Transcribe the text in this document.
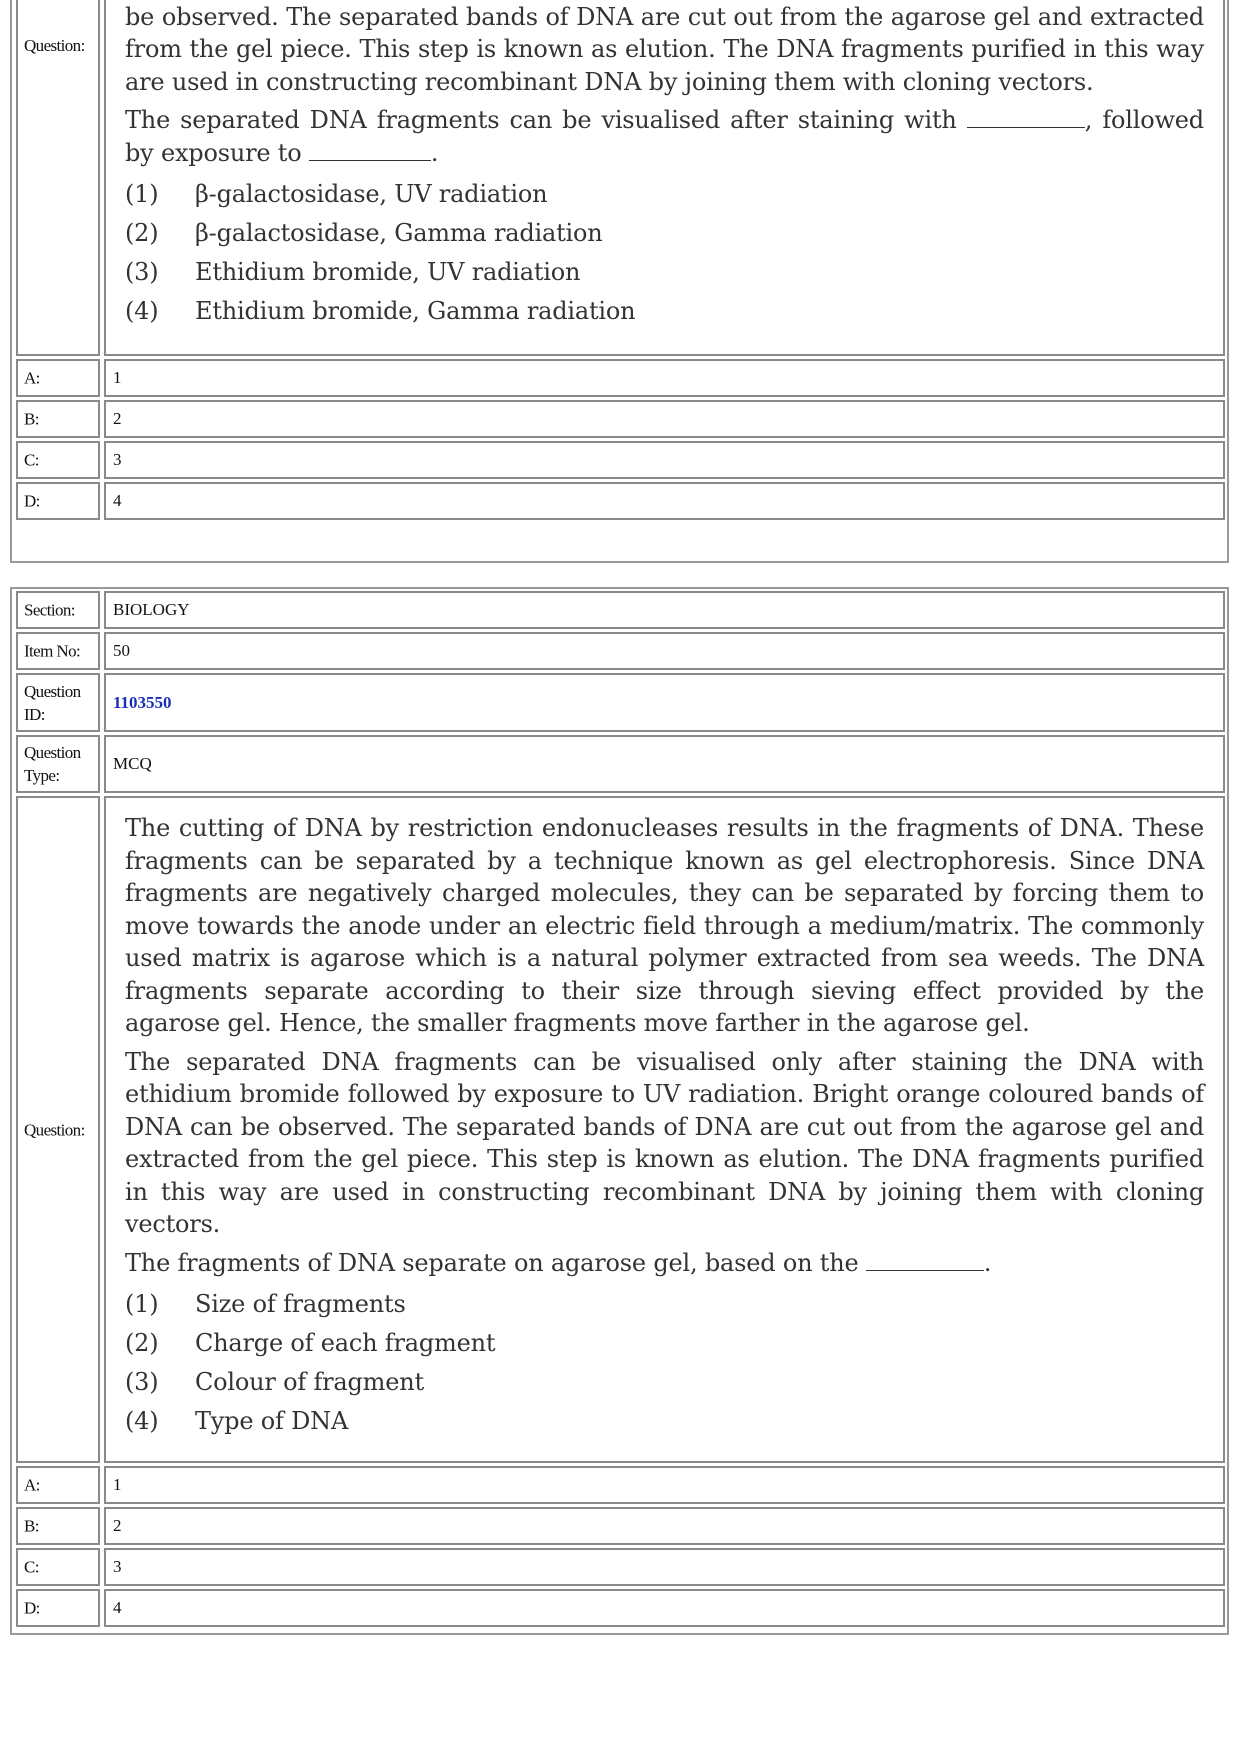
Question:

be observed. The separated bands of DNA are cut out from the agarose gel and extracted from the gel piece. This step is known as elution. The DNA fragments purified in this way are used in constructing recombinant DNA by joining them with cloning vectors.

The separated DNA fragments can be visualised after staining with	, followed by exposure to	.

(1)	β-galactosidase, UV radiation
(2)	β-galactosidase, Gamma radiation
(3)	Ethidium bromide, UV radiation
(4)	Ethidium bromide, Gamma radiation
A:	1
B:	2
C:	3
D:	4
Section: BIOLOGY
Item No: 50
Question
ID:
1103550
Question
Type:
MCQ
Question:

The cutting of DNA by restriction endonucleases results in the fragments of DNA. These fragments can be separated by a technique known as gel electrophoresis. Since DNA fragments are negatively charged molecules, they can be separated by forcing them to move towards the anode under an electric field through a medium/matrix. The commonly used matrix is agarose which is a natural polymer extracted from sea weeds. The DNA fragments separate according to their size through sieving effect provided by the agarose gel. Hence, the smaller fragments move farther in the agarose gel.

The separated DNA fragments can be visualised only after staining the DNA with ethidium bromide followed by exposure to UV radiation. Bright orange coloured bands of DNA can be observed. The separated bands of DNA are cut out from the agarose gel and extracted from the gel piece. This step is known as elution. The DNA fragments purified in this way are used in constructing recombinant DNA by joining them with cloning vectors.

The fragments of DNA separate on agarose gel, based on the	.

(1)	Size of fragments
(2)	Charge of each fragment
(3)	Colour of fragment
(4)	Type of DNA
A:	1
B:	2
C:	3
D:	4
